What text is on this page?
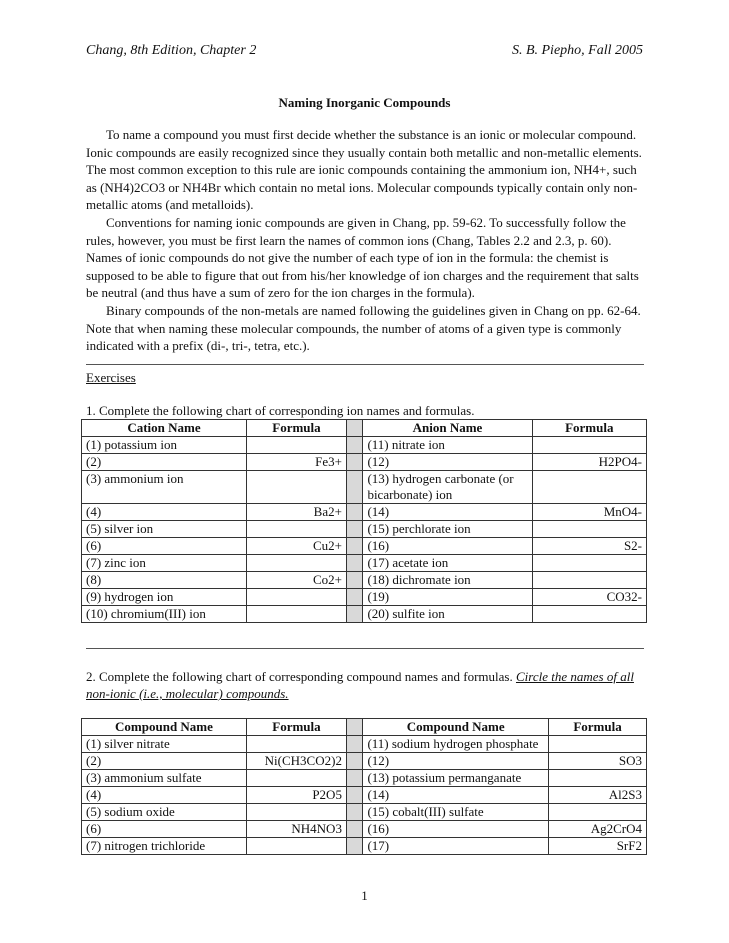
Chang, 8th Edition, Chapter 2	S. B. Piepho, Fall 2005
Naming Inorganic Compounds

To name a compound you must first decide whether the substance is an ionic or molecular compound. Ionic compounds are easily recognized since they usually contain both metallic and non-metallic elements. The most common exception to this rule are ionic compounds containing the ammonium ion, NH4+, such as (NH4)2CO3 or NH4Br which contain no metal ions. Molecular compounds typically contain only non-metallic atoms (and metalloids).

Conventions for naming ionic compounds are given in Chang, pp. 59-62. To successfully follow the rules, however, you must be first learn the names of common ions (Chang, Tables 2.2 and 2.3, p. 60). Names of ionic compounds do not give the number of each type of ion in the formula: the chemist is supposed to be able to figure that out from his/her knowledge of ion charges and the requirement that salts be neutral (and thus have a sum of zero for the ion charges in the formula).

Binary compounds of the non-metals are named following the guidelines given in Chang on pp. 62-64. Note that when naming these molecular compounds, the number of atoms of a given type is commonly indicated with a prefix (di-, tri-, tetra, etc.).

Exercises
1. Complete the following chart of corresponding ion names and formulas.
Cation Name	Formula		Anion Name	Formula
(1) potassium ion			(11) nitrate ion	
(2)	Fe3+		(12)	H2PO4-
(3) ammonium ion			(13) hydrogen carbonate (or bicarbonate) ion	
(4)	Ba2+		(14)	MnO4-
(5) silver ion			(15) perchlorate ion	
(6)	Cu2+		(16)	S2-
(7) zinc ion			(17) acetate ion	
(8)	Co2+		(18) dichromate ion	
(9) hydrogen ion			(19)	CO32-
(10) chromium(III) ion			(20) sulfite ion	
2. Complete the following chart of corresponding compound names and formulas. Circle the names of all non-ionic (i.e., molecular) compounds.
Compound Name	Formula		Compound Name	Formula
(1) silver nitrate			(11) sodium hydrogen phosphate	
(2)	Ni(CH3CO2)2		(12)	SO3
(3) ammonium sulfate			(13) potassium permanganate	
(4)	P2O5		(14)	Al2S3
(5) sodium oxide			(15) cobalt(III) sulfate	
(6)	NH4NO3		(16)	Ag2CrO4
(7) nitrogen trichloride			(17)	SrF2
1
